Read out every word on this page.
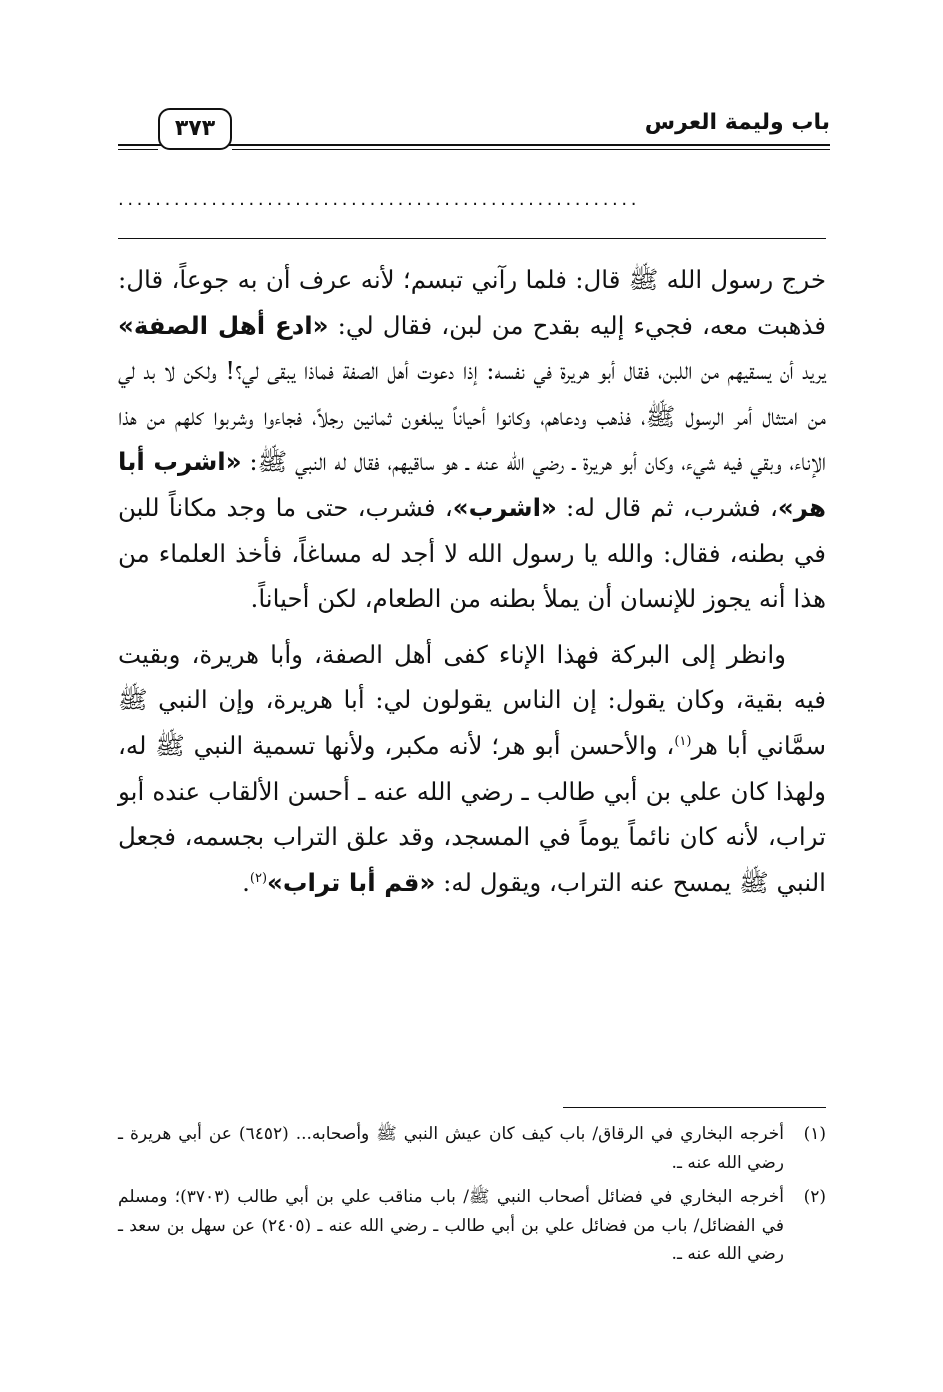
باب وليمة العرس
٣٧٣
........................................................

خرج رسول الله ﷺ قال: فلما رآني تبسم؛ لأنه عرف أن به جوعاً، قال: فذهبت معه، فجيء إليه بقدح من لبن، فقال لي: «ادع أهل الصفة» يريد أن يسقيهم من اللبن، فقال أبو هريرة في نفسه: إذا دعوت أهل الصفة فماذا يبقى لي؟! ولكن لا بد لي من امتثال أمر الرسول ﷺ، فذهب ودعاهم، وكانوا أحياناً يبلغون ثمانين رجلاً، فجاءوا وشربوا كلهم من هذا الإناء، وبقي فيه شيء، وكان أبو هريرة ـ رضي الله عنه ـ هو ساقيهم، فقال له النبي ﷺ: «اشرب أبا هر»، فشرب، ثم قال له: «اشرب»، فشرب، حتى ما وجد مكاناً للبن في بطنه، فقال: والله يا رسول الله لا أجد له مساغاً، فأخذ العلماء من هذا أنه يجوز للإنسان أن يملأ بطنه من الطعام، لكن أحياناً.

وانظر إلى البركة فهذا الإناء كفى أهل الصفة، وأبا هريرة، وبقيت فيه بقية، وكان يقول: إن الناس يقولون لي: أبا هريرة، وإن النبي ﷺ سمَّاني أبا هر$^{(١)}$، والأحسن أبو هر؛ لأنه مكبر، ولأنها تسمية النبي ﷺ له، ولهذا كان علي بن أبي طالب ـ رضي الله عنه ـ أحسن الألقاب عنده أبو تراب، لأنه كان نائماً يوماً في المسجد، وقد علق التراب بجسمه، فجعل النبي ﷺ يمسح عنه التراب، ويقول له: «قم أبا تراب»$^{(٢)}$.

(١)
أخرجه البخاري في الرقاق/ باب كيف كان عيش النبي ﷺ وأصحابه... (٦٤٥٢) عن أبي هريرة ـ رضي الله عنه ـ.
(٢)
أخرجه البخاري في فضائل أصحاب النبي ﷺ/ باب مناقب علي بن أبي طالب (٣٧٠٣)؛ ومسلم في الفضائل/ باب من فضائل علي بن أبي طالب ـ رضي الله عنه ـ (٢٤٠٥) عن سهل بن سعد ـ رضي الله عنه ـ.
